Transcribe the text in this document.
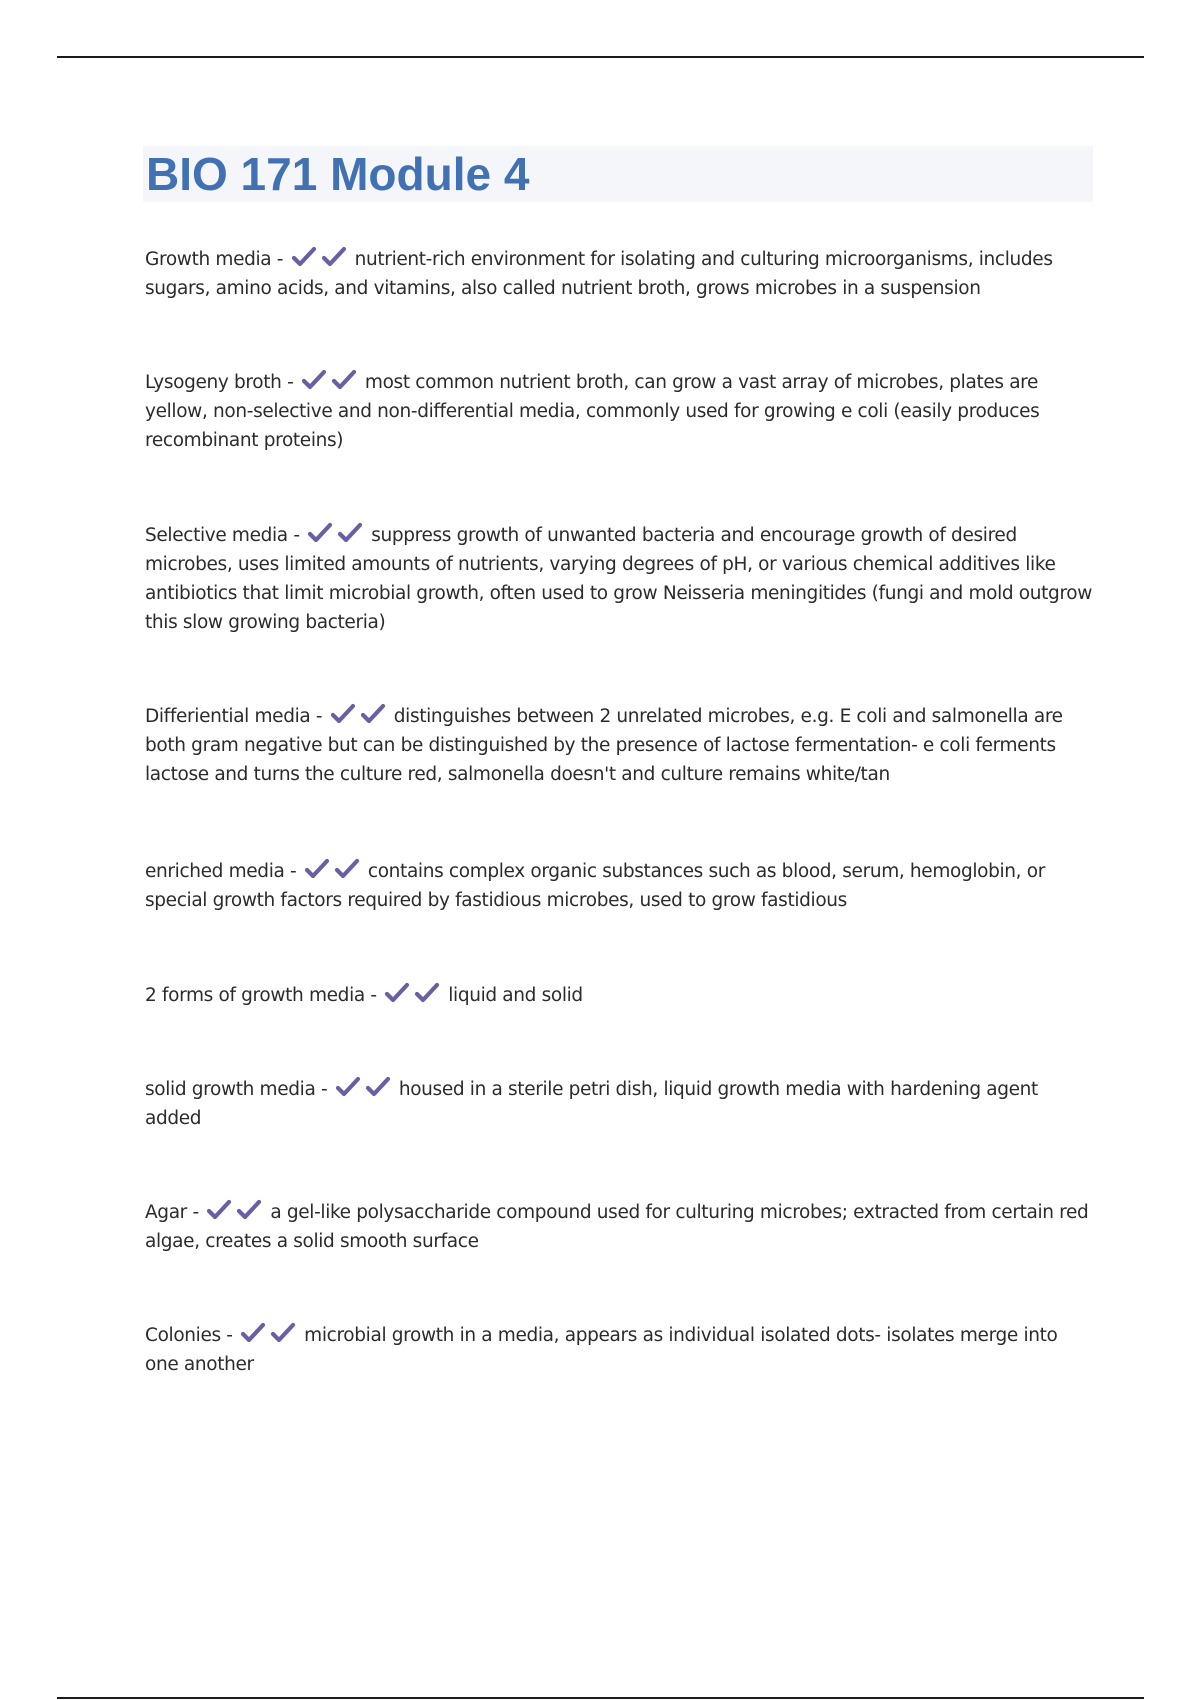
BIO 171 Module 4

Growth media -	nutrient-rich environment for isolating and culturing microorganisms, includes sugars, amino acids, and vitamins, also called nutrient broth, grows microbes in a suspension

Lysogeny broth -	most common nutrient broth, can grow a vast array of microbes, plates are yellow, non-selective and non-differential media, commonly used for growing e coli (easily produces recombinant proteins)

Selective media -	suppress growth of unwanted bacteria and encourage growth of desired microbes, uses limited amounts of nutrients, varying degrees of pH, or various chemical additives like antibiotics that limit microbial growth, often used to grow Neisseria meningitides (fungi and mold outgrow this slow growing bacteria)

Differiential media -	distinguishes between 2 unrelated microbes, e.g. E coli and salmonella are both gram negative but can be distinguished by the presence of lactose fermentation- e coli ferments lactose and turns the culture red, salmonella doesn't and culture remains white/tan

enriched media -	contains complex organic substances such as blood, serum, hemoglobin, or special growth factors required by fastidious microbes, used to grow fastidious

2 forms of growth media -	liquid and solid

solid growth media -	housed in a sterile petri dish, liquid growth media with hardening agent added

Agar -	a gel-like polysaccharide compound used for culturing microbes; extracted from certain red algae, creates a solid smooth surface

Colonies -	microbial growth in a media, appears as individual isolated dots- isolates merge into one another
